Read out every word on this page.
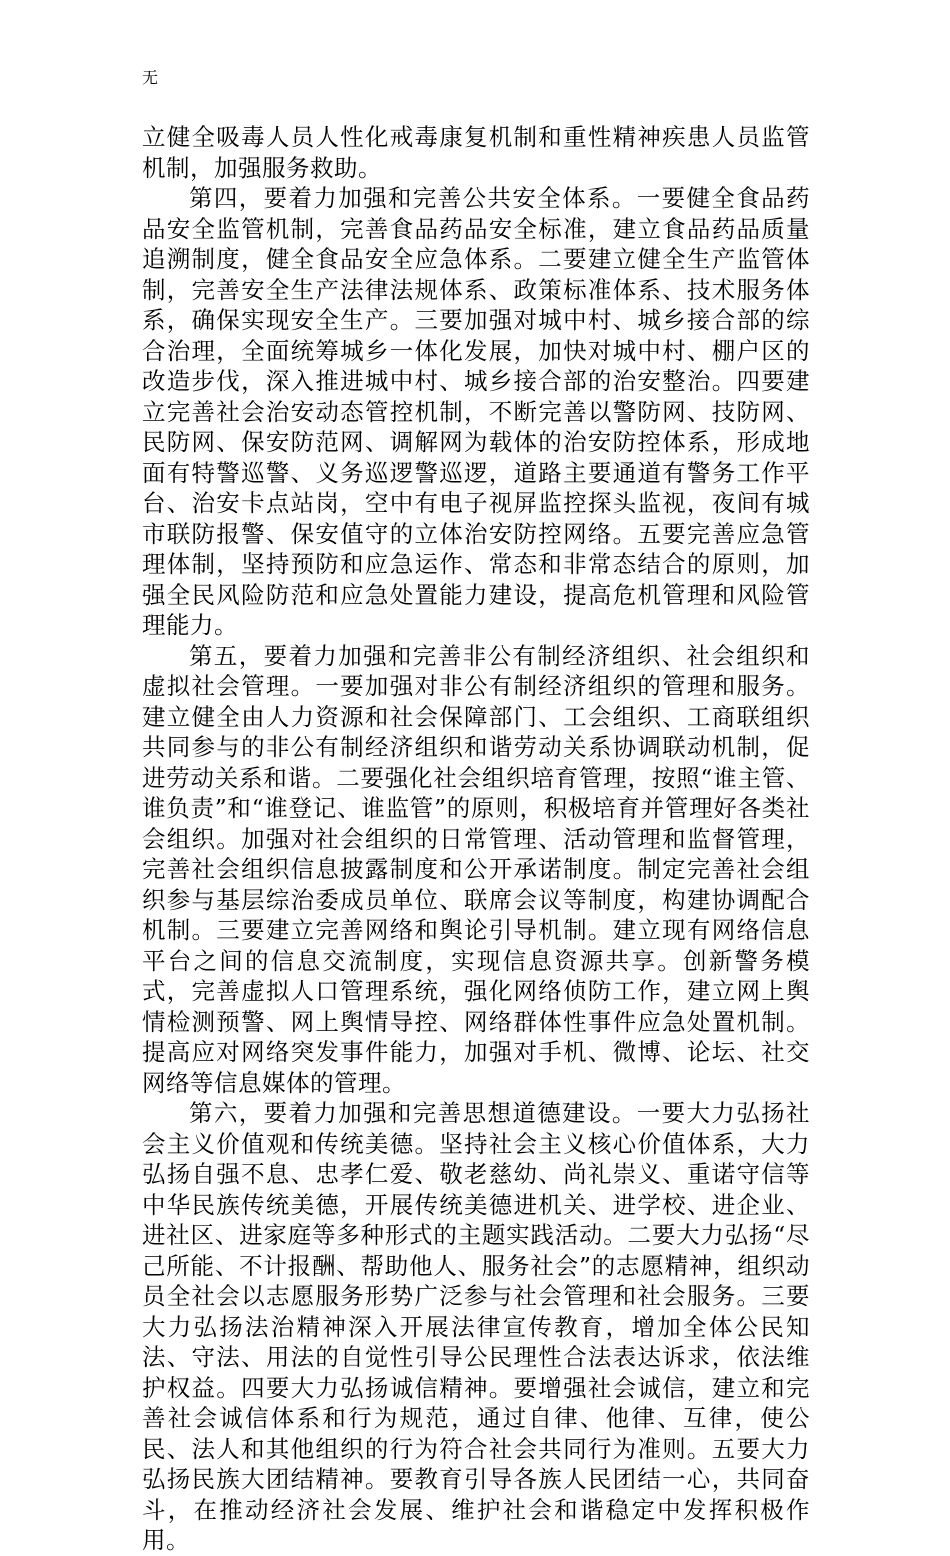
无

立健全吸毒人员人性化戒毒康复机制和重性精神疾患人员监管机制，加强服务救助。

第四，要着力加强和完善公共安全体系。一要健全食品药品安全监管机制，完善食品药品安全标准，建立食品药品质量追溯制度，健全食品安全应急体系。二要建立健全生产监管体制，完善安全生产法律法规体系、政策标准体系、技术服务体系，确保实现安全生产。三要加强对城中村、城乡接合部的综合治理，全面统筹城乡一体化发展，加快对城中村、棚户区的改造步伐，深入推进城中村、城乡接合部的治安整治。四要建立完善社会治安动态管控机制，不断完善以警防网、技防网、民防网、保安防范网、调解网为载体的治安防控体系，形成地面有特警巡警、义务巡逻警巡逻，道路主要通道有警务工作平台、治安卡点站岗，空中有电子视屏监控探头监视，夜间有城市联防报警、保安值守的立体治安防控网络。五要完善应急管理体制，坚持预防和应急运作、常态和非常态结合的原则，加强全民风险防范和应急处置能力建设，提高危机管理和风险管理能力。

第五，要着力加强和完善非公有制经济组织、社会组织和虚拟社会管理。一要加强对非公有制经济组织的管理和服务。建立健全由人力资源和社会保障部门、工会组织、工商联组织共同参与的非公有制经济组织和谐劳动关系协调联动机制，促进劳动关系和谐。二要强化社会组织培育管理，按照“谁主管、谁负责”和“谁登记、谁监管”的原则，积极培育并管理好各类社会组织。加强对社会组织的日常管理、活动管理和监督管理，完善社会组织信息披露制度和公开承诺制度。制定完善社会组织参与基层综治委成员单位、联席会议等制度，构建协调配合机制。三要建立完善网络和舆论引导机制。建立现有网络信息平台之间的信息交流制度，实现信息资源共享。创新警务模式，完善虚拟人口管理系统，强化网络侦防工作，建立网上舆情检测预警、网上舆情导控、网络群体性事件应急处置机制。提高应对网络突发事件能力，加强对手机、微博、论坛、社交网络等信息媒体的管理。

第六，要着力加强和完善思想道德建设。一要大力弘扬社会主义价值观和传统美德。坚持社会主义核心价值体系，大力弘扬自强不息、忠孝仁爱、敬老慈幼、尚礼崇义、重诺守信等中华民族传统美德，开展传统美德进机关、进学校、进企业、进社区、进家庭等多种形式的主题实践活动。二要大力弘扬“尽己所能、不计报酬、帮助他人、服务社会”的志愿精神，组织动员全社会以志愿服务形势广泛参与社会管理和社会服务。三要大力弘扬法治精神深入开展法律宣传教育，增加全体公民知法、守法、用法的自觉性引导公民理性合法表达诉求，依法维护权益。四要大力弘扬诚信精神。要增强社会诚信，建立和完善社会诚信体系和行为规范，通过自律、他律、互律，使公民、法人和其他组织的行为符合社会共同行为准则。五要大力弘扬民族大团结精神。要教育引导各族人民团结一心，共同奋斗，在推动经济社会发展、维护社会和谐稳定中发挥积极作用。
